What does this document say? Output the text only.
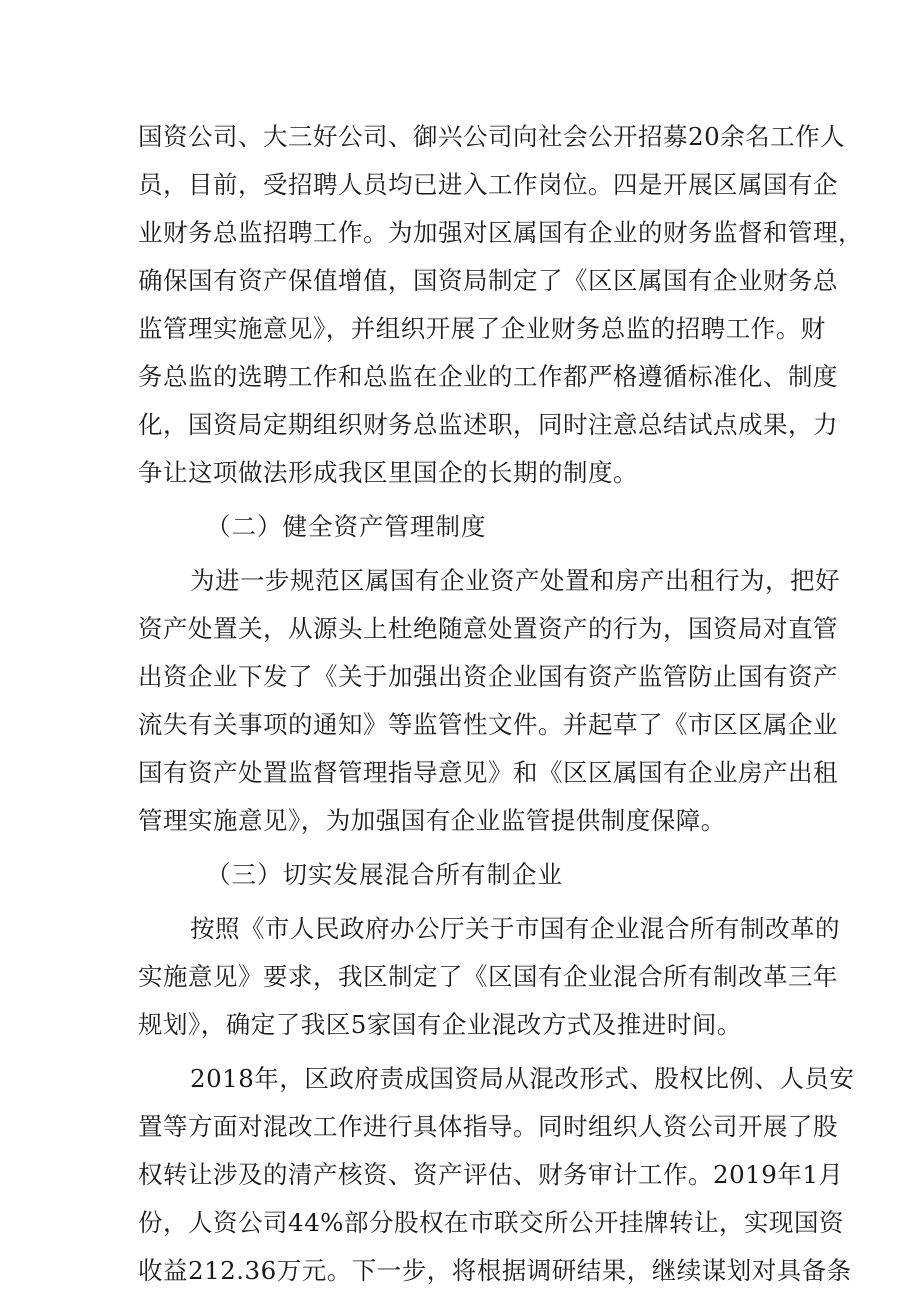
国资公司、大三好公司、御兴公司向社会公开招募20余名工作人
员，目前，受招聘人员均已进入工作岗位。四是开展区属国有企
业财务总监招聘工作。为加强对区属国有企业的财务监督和管理，
确保国有资产保值增值，国资局制定了《区区属国有企业财务总
监管理实施意见》，并组织开展了企业财务总监的招聘工作。财
务总监的选聘工作和总监在企业的工作都严格遵循标准化、制度
化，国资局定期组织财务总监述职，同时注意总结试点成果，力
争让这项做法形成我区里国企的长期的制度。
（二）健全资产管理制度
为进一步规范区属国有企业资产处置和房产出租行为，把好
资产处置关，从源头上杜绝随意处置资产的行为，国资局对直管
出资企业下发了《关于加强出资企业国有资产监管防止国有资产
流失有关事项的通知》等监管性文件。并起草了《市区区属企业
国有资产处置监督管理指导意见》和《区区属国有企业房产出租
管理实施意见》，为加强国有企业监管提供制度保障。
（三）切实发展混合所有制企业
按照《市人民政府办公厅关于市国有企业混合所有制改革的
实施意见》要求，我区制定了《区国有企业混合所有制改革三年
规划》，确定了我区5家国有企业混改方式及推进时间。
2018年，区政府责成国资局从混改形式、股权比例、人员安
置等方面对混改工作进行具体指导。同时组织人资公司开展了股
权转让涉及的清产核资、资产评估、财务审计工作。2019年1月
份，人资公司44%部分股权在市联交所公开挂牌转让，实现国资
收益212.36万元。下一步，将根据调研结果，继续谋划对具备条
